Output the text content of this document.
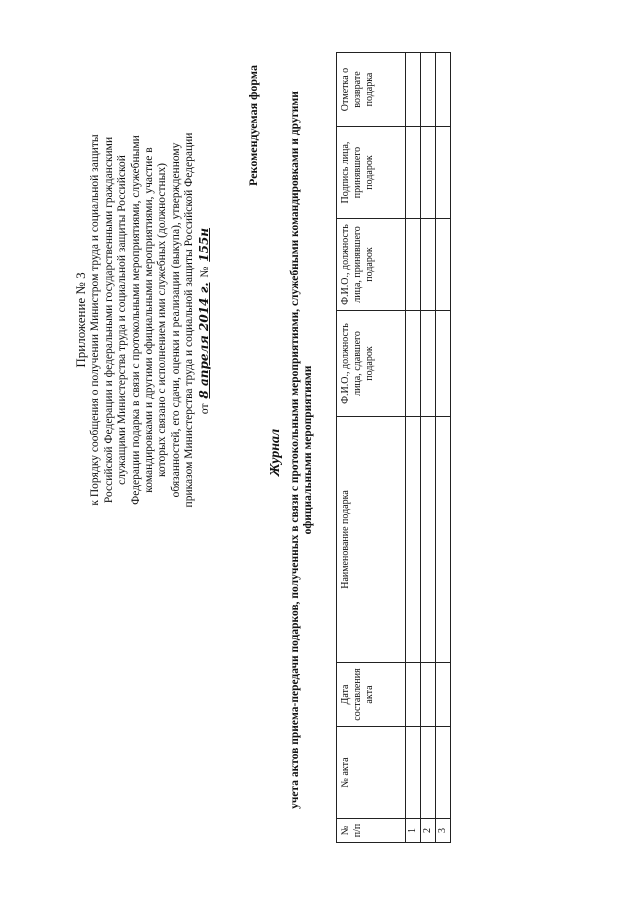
Приложение № 3 к Порядку сообщения о получении Министром труда и социальной защиты Российской Федерации и федеральными государственными гражданскими служащими Министерства труда и социальной защиты Российской Федерации подарка в связи с протокольными мероприятиями, служебными командировками и другими официальными мероприятиями, участие в которых связано с исполнением ими служебных (должностных) обязанностей, его сдачи, оценки и реализации (выкупа), утвержденному приказом Министерства труда и социальной защиты Российской Федерации от 8 апреля 2014 г. № 155н
Рекомендуемая форма
Журнал учета актов приема-передачи подарков, полученных в связи с протокольными мероприятиями, служебными командировками и другими официальными мероприятиями
№ п/п	№ акта	Дата составления акта	Наименование подарка	Ф.И.О., должность лица, сдавшего подарок	Ф.И.О., должность лица, принявшего подарок	Подпись лица, принявшего подарок	Отметка о возврате подарка
1							
2							
3							
